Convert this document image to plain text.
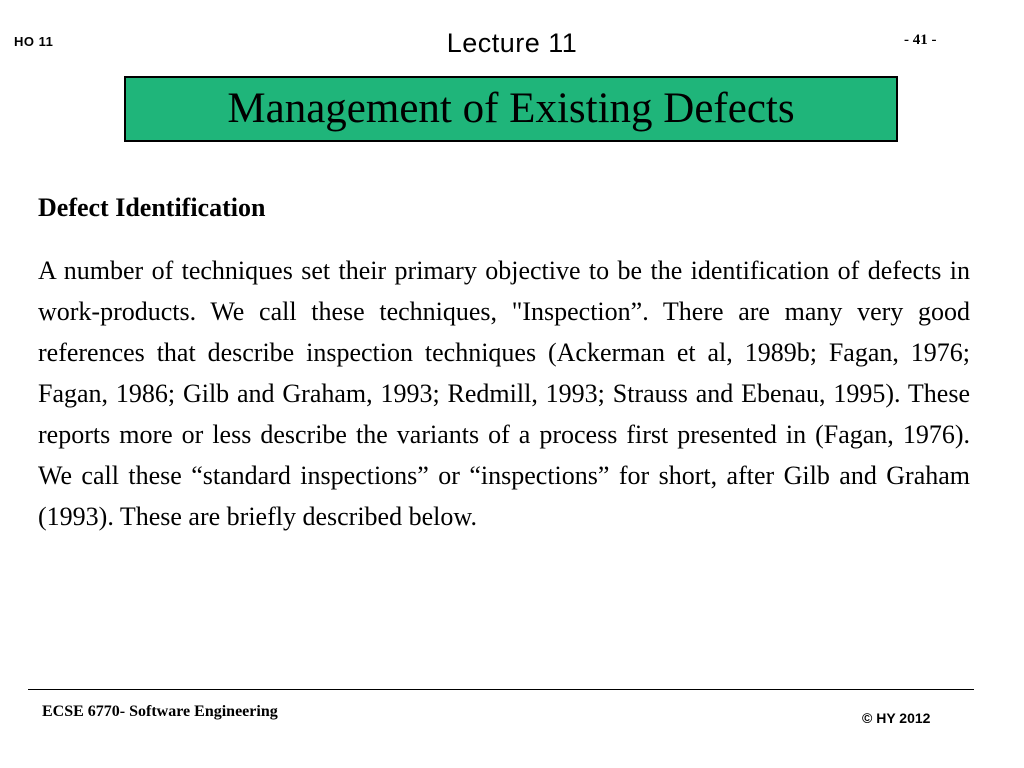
HO 11	Lecture 11	- 41 -
Management of Existing Defects
Defect Identification

A number of techniques set their primary objective to be the identification of defects in work-products. We call these techniques, "Inspection”. There are many very good references that describe inspection techniques (Ackerman et al, 1989b; Fagan, 1976; Fagan, 1986; Gilb and Graham, 1993; Redmill, 1993; Strauss and Ebenau, 1995). These reports more or less describe the variants of a process first presented in (Fagan, 1976). We call these “standard inspections” or “inspections” for short, after Gilb and Graham (1993). These are briefly described below.

ECSE 6770- Software Engineering	© HY 2012
